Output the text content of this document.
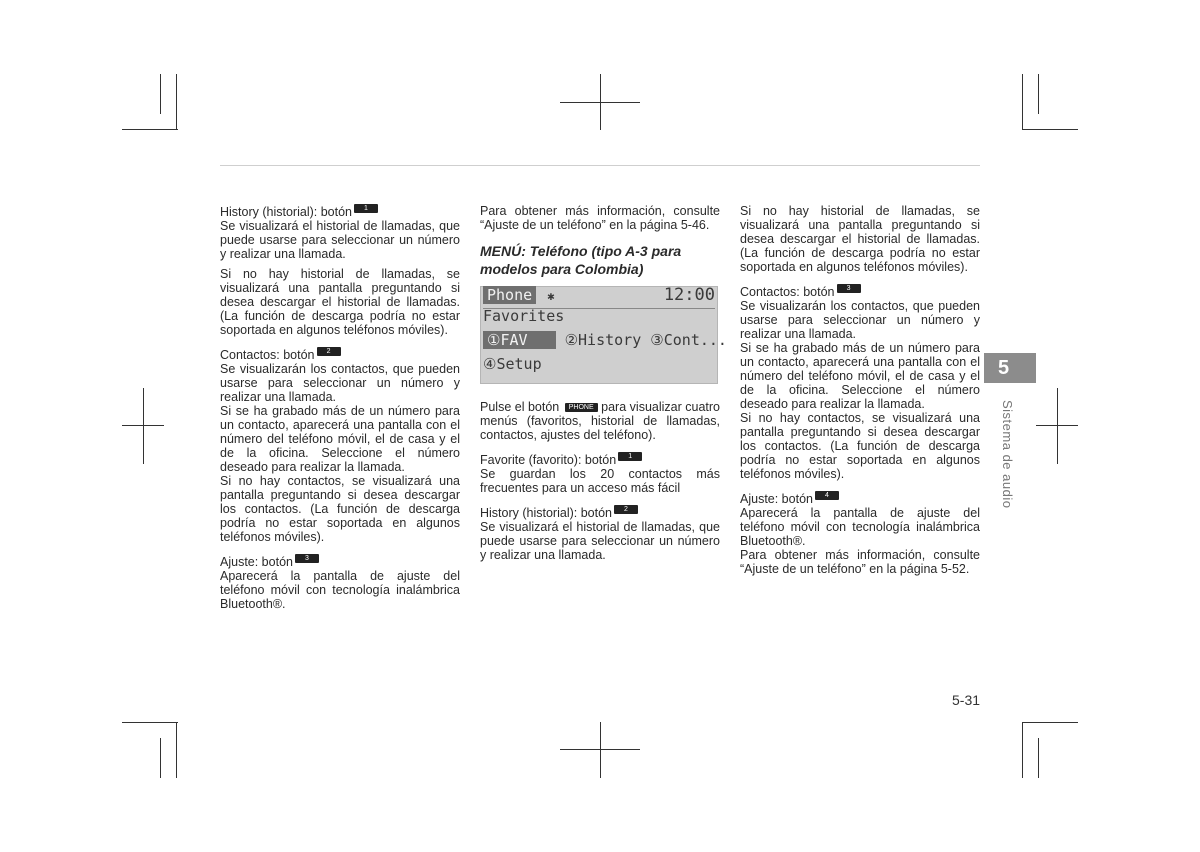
History (historial): botón 1

Se visualizará el historial de llamadas, que puede usarse para seleccionar un número y realizar una llamada.

Si no hay historial de llamadas, se visualizará una pantalla preguntando si desea descargar el historial de llamadas. (La función de descarga podría no estar soportada en algunos teléfonos móviles).

Contactos: botón 2

Se visualizarán los contactos, que pueden usarse para seleccionar un número y realizar una llamada.

Si se ha grabado más de un número para un contacto, aparecerá una pantalla con el número del teléfono móvil, el de casa y el de la oficina. Seleccione el número deseado para realizar la llamada.

Si no hay contactos, se visualizará una pantalla preguntando si desea descargar los contactos. (La función de descarga podría no estar soportada en algunos teléfonos móviles).

Ajuste: botón 3

Aparecerá la pantalla de ajuste del teléfono móvil con tecnología inalámbrica Bluetooth®.

Para obtener más información, consulte “Ajuste de un teléfono” en la página 5-46.

MENÚ: Teléfono (tipo A-3 para modelos para Colombia)
Phone ✱	12:00
Favorites
①FAV ②History ③Cont...
④Setup

Pulse el botón PHONE para visualizar cuatro menús (favoritos, historial de llamadas, contactos, ajustes del teléfono).

Favorite (favorito): botón 1

Se guardan los 20 contactos más frecuentes para un acceso más fácil

History (historial): botón 2

Se visualizará el historial de llamadas, que puede usarse para seleccionar un número y realizar una llamada.

Si no hay historial de llamadas, se visualizará una pantalla preguntando si desea descargar el historial de llamadas. (La función de descarga podría no estar soportada en algunos teléfonos móviles).

Contactos: botón 3

Se visualizarán los contactos, que pueden usarse para seleccionar un número y realizar una llamada.

Si se ha grabado más de un número para un contacto, aparecerá una pantalla con el número del teléfono móvil, el de casa y el de la oficina. Seleccione el número deseado para realizar la llamada.

Si no hay contactos, se visualizará una pantalla preguntando si desea descargar los contactos. (La función de descarga podría no estar soportada en algunos teléfonos móviles).

Ajuste: botón 4

Aparecerá la pantalla de ajuste del teléfono móvil con tecnología inalámbrica Bluetooth®.

Para obtener más información, consulte “Ajuste de un teléfono” en la página 5-52.

5
Sistema de audio
5-31
